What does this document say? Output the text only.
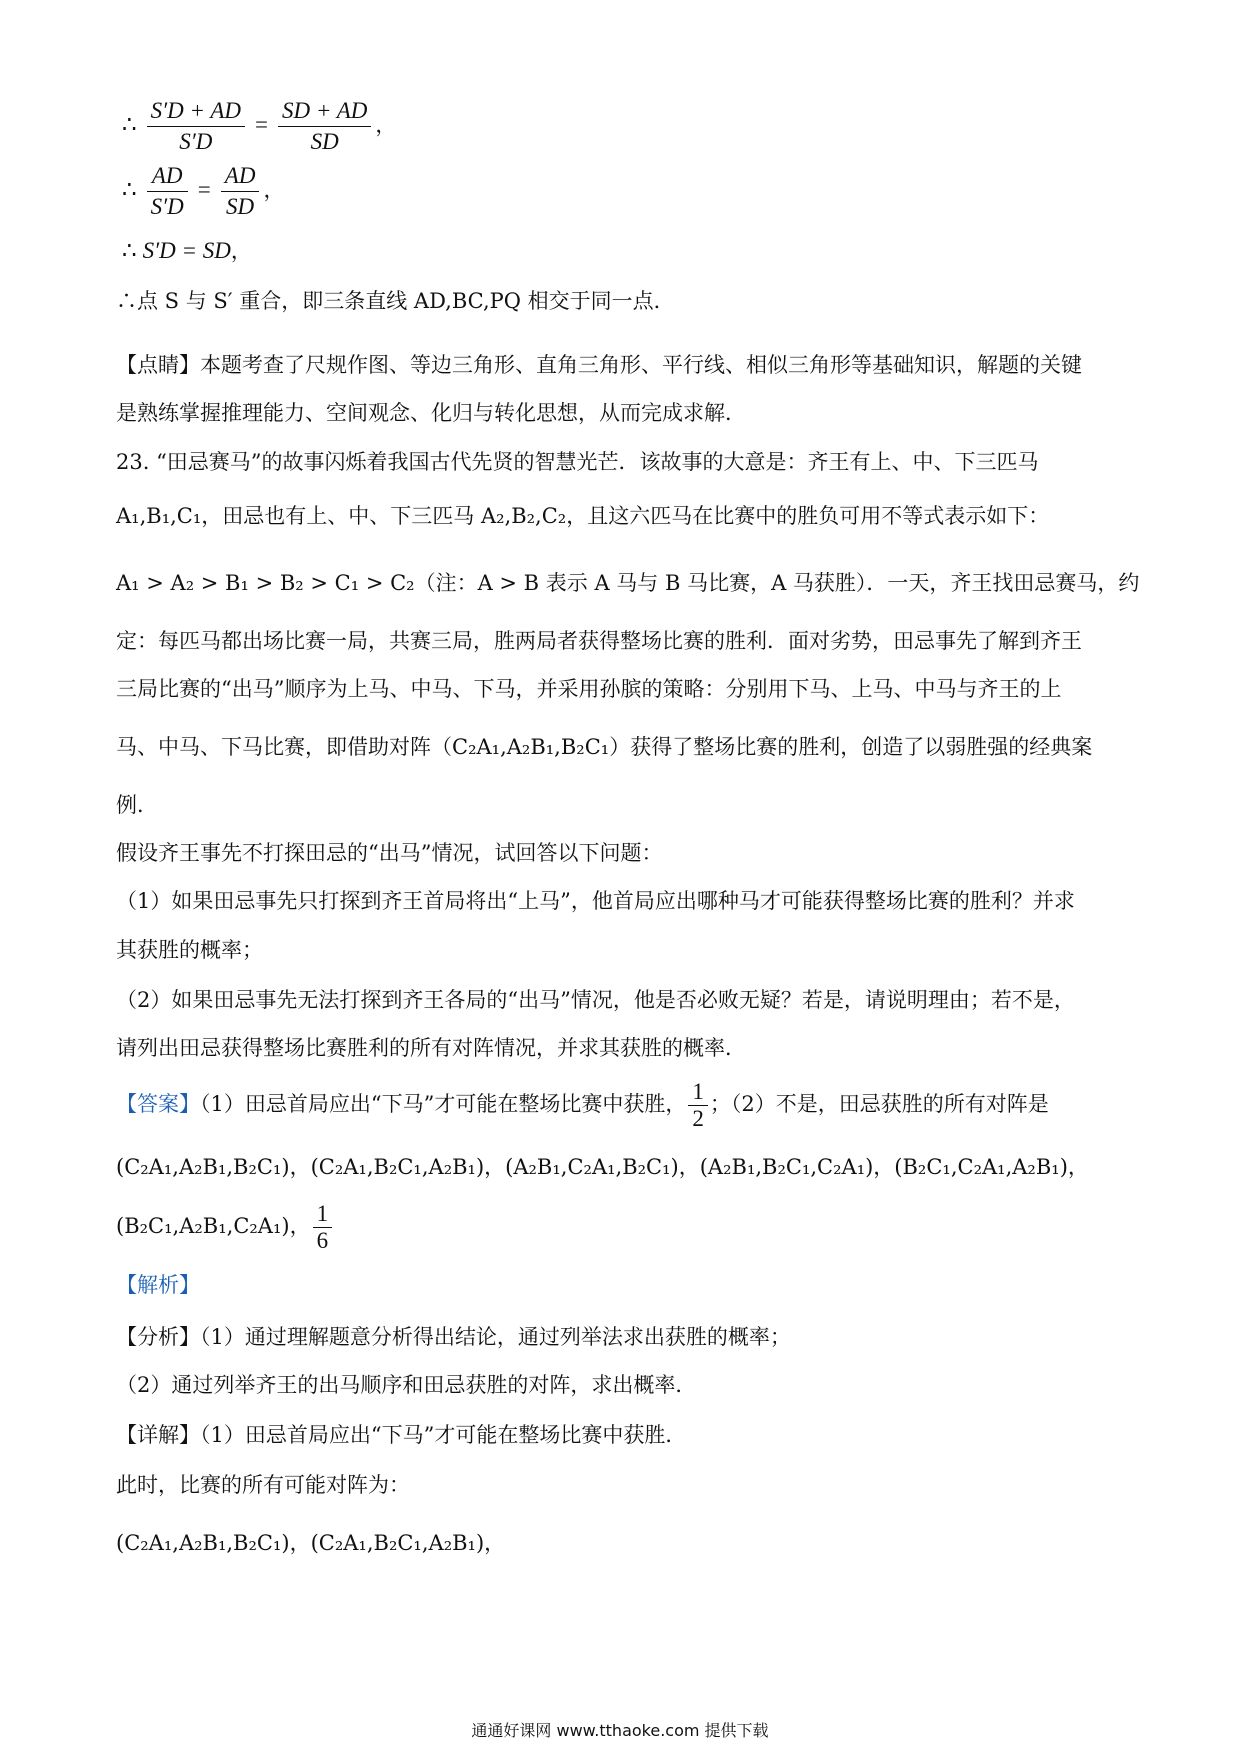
∴ $\frac{S'D + AD}{S'D} = \frac{SD + AD}{SD}$ ，
∴ $\frac{AD}{S'D} = \frac{AD}{SD}$ ，
∴ S′D = SD，
∴点 S 与 S′ 重合，即三条直线 AD,BC,PQ 相交于同一点．
【点睛】本题考查了尺规作图、等边三角形、直角三角形、平行线、相似三角形等基础知识，解题的关键
是熟练掌握推理能力、空间观念、化归与转化思想，从而完成求解．
23. “田忌赛马”的故事闪烁着我国古代先贤的智慧光芒．该故事的大意是：齐王有上、中、下三匹马
A₁,B₁,C₁，田忌也有上、中、下三匹马 A₂,B₂,C₂，且这六匹马在比赛中的胜负可用不等式表示如下：
A₁ > A₂ > B₁ > B₂ > C₁ > C₂（注：A > B 表示 A 马与 B 马比赛，A 马获胜）．一天，齐王找田忌赛马，约
定：每匹马都出场比赛一局，共赛三局，胜两局者获得整场比赛的胜利．面对劣势，田忌事先了解到齐王
三局比赛的“出马”顺序为上马、中马、下马，并采用孙膑的策略：分别用下马、上马、中马与齐王的上
马、中马、下马比赛，即借助对阵（C₂A₁,A₂B₁,B₂C₁）获得了整场比赛的胜利，创造了以弱胜强的经典案
例．
假设齐王事先不打探田忌的“出马”情况，试回答以下问题：
（1）如果田忌事先只打探到齐王首局将出“上马”，他首局应出哪种马才可能获得整场比赛的胜利？并求
其获胜的概率；
（2）如果田忌事先无法打探到齐王各局的“出马”情况，他是否必败无疑？若是，请说明理由；若不是，
请列出田忌获得整场比赛胜利的所有对阵情况，并求其获胜的概率．
【答案】（1）田忌首局应出“下马”才可能在整场比赛中获胜， $\frac{1}{2}$ ；（2）不是，田忌获胜的所有对阵是
(C₂A₁,A₂B₁,B₂C₁)，(C₂A₁,B₂C₁,A₂B₁)，(A₂B₁,C₂A₁,B₂C₁)，(A₂B₁,B₂C₁,C₂A₁)，(B₂C₁,C₂A₁,A₂B₁)，
(B₂C₁,A₂B₁,C₂A₁)， $\frac{1}{6}$
【解析】
【分析】（1）通过理解题意分析得出结论，通过列举法求出获胜的概率；
（2）通过列举齐王的出马顺序和田忌获胜的对阵，求出概率．
【详解】（1）田忌首局应出“下马”才可能在整场比赛中获胜．
此时，比赛的所有可能对阵为：
(C₂A₁,A₂B₁,B₂C₁)，(C₂A₁,B₂C₁,A₂B₁)，
通通好课网 www.tthaoke.com 提供下载
